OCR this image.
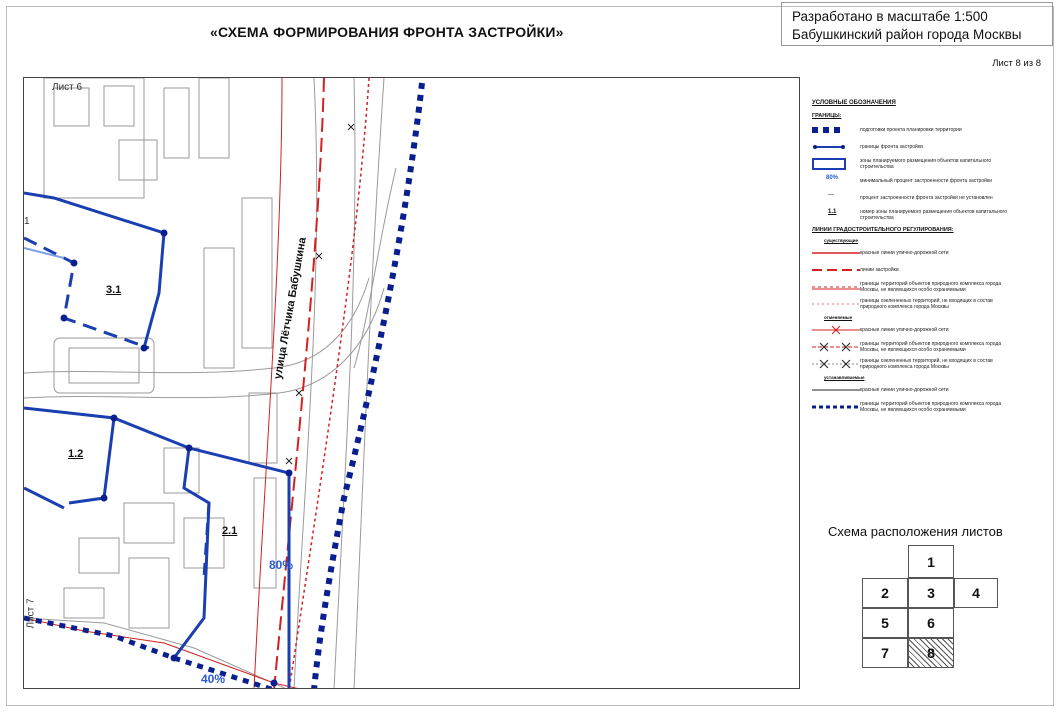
«СХЕМА ФОРМИРОВАНИЯ ФРОНТА ЗАСТРОЙКИ»
Разработано в масштабе 1:500
Бабушкинский район города Москвы
Лист 8 из 8
Лист 6
Лист 7
1
улица Лётчика Бабушкина
3.1
1.2
2.1
80%
40%
УСЛОВНЫЕ ОБОЗНАЧЕНИЯ
ГРАНИЦЫ:
подготовки проекта планировки территории
границы фронта застройки
зоны планируемого размещения объектов капитального строительства
80%	минимальный процент застроенности фронта застройки
—	процент застроенности фронта застройки не установлен
1.1	номер зоны планируемого размещения объектов капитального строительства
ЛИНИИ ГРАДОСТРОИТЕЛЬНОГО РЕГУЛИРОВАНИЯ:
существующие
красные линии улично-дорожной сети
линии застройки
границы территорий объектов природного комплекса города Москвы, не являющихся особо охраняемыми
границы озелененных территорий, не входящих в состав природного комплекса города Москвы
отменяемые
красные линии улично-дорожной сети
границы территорий объектов природного комплекса города Москвы, не являющихся особо охраняемыми
границы озелененных территорий, не входящих в состав природного комплекса города Москвы
устанавливаемые
красные линии улично-дорожной сети
границы территорий объектов природного комплекса города Москвы, не являющихся особо охраняемыми
Схема расположения листов
1
2	3	4
5	6
7	8
